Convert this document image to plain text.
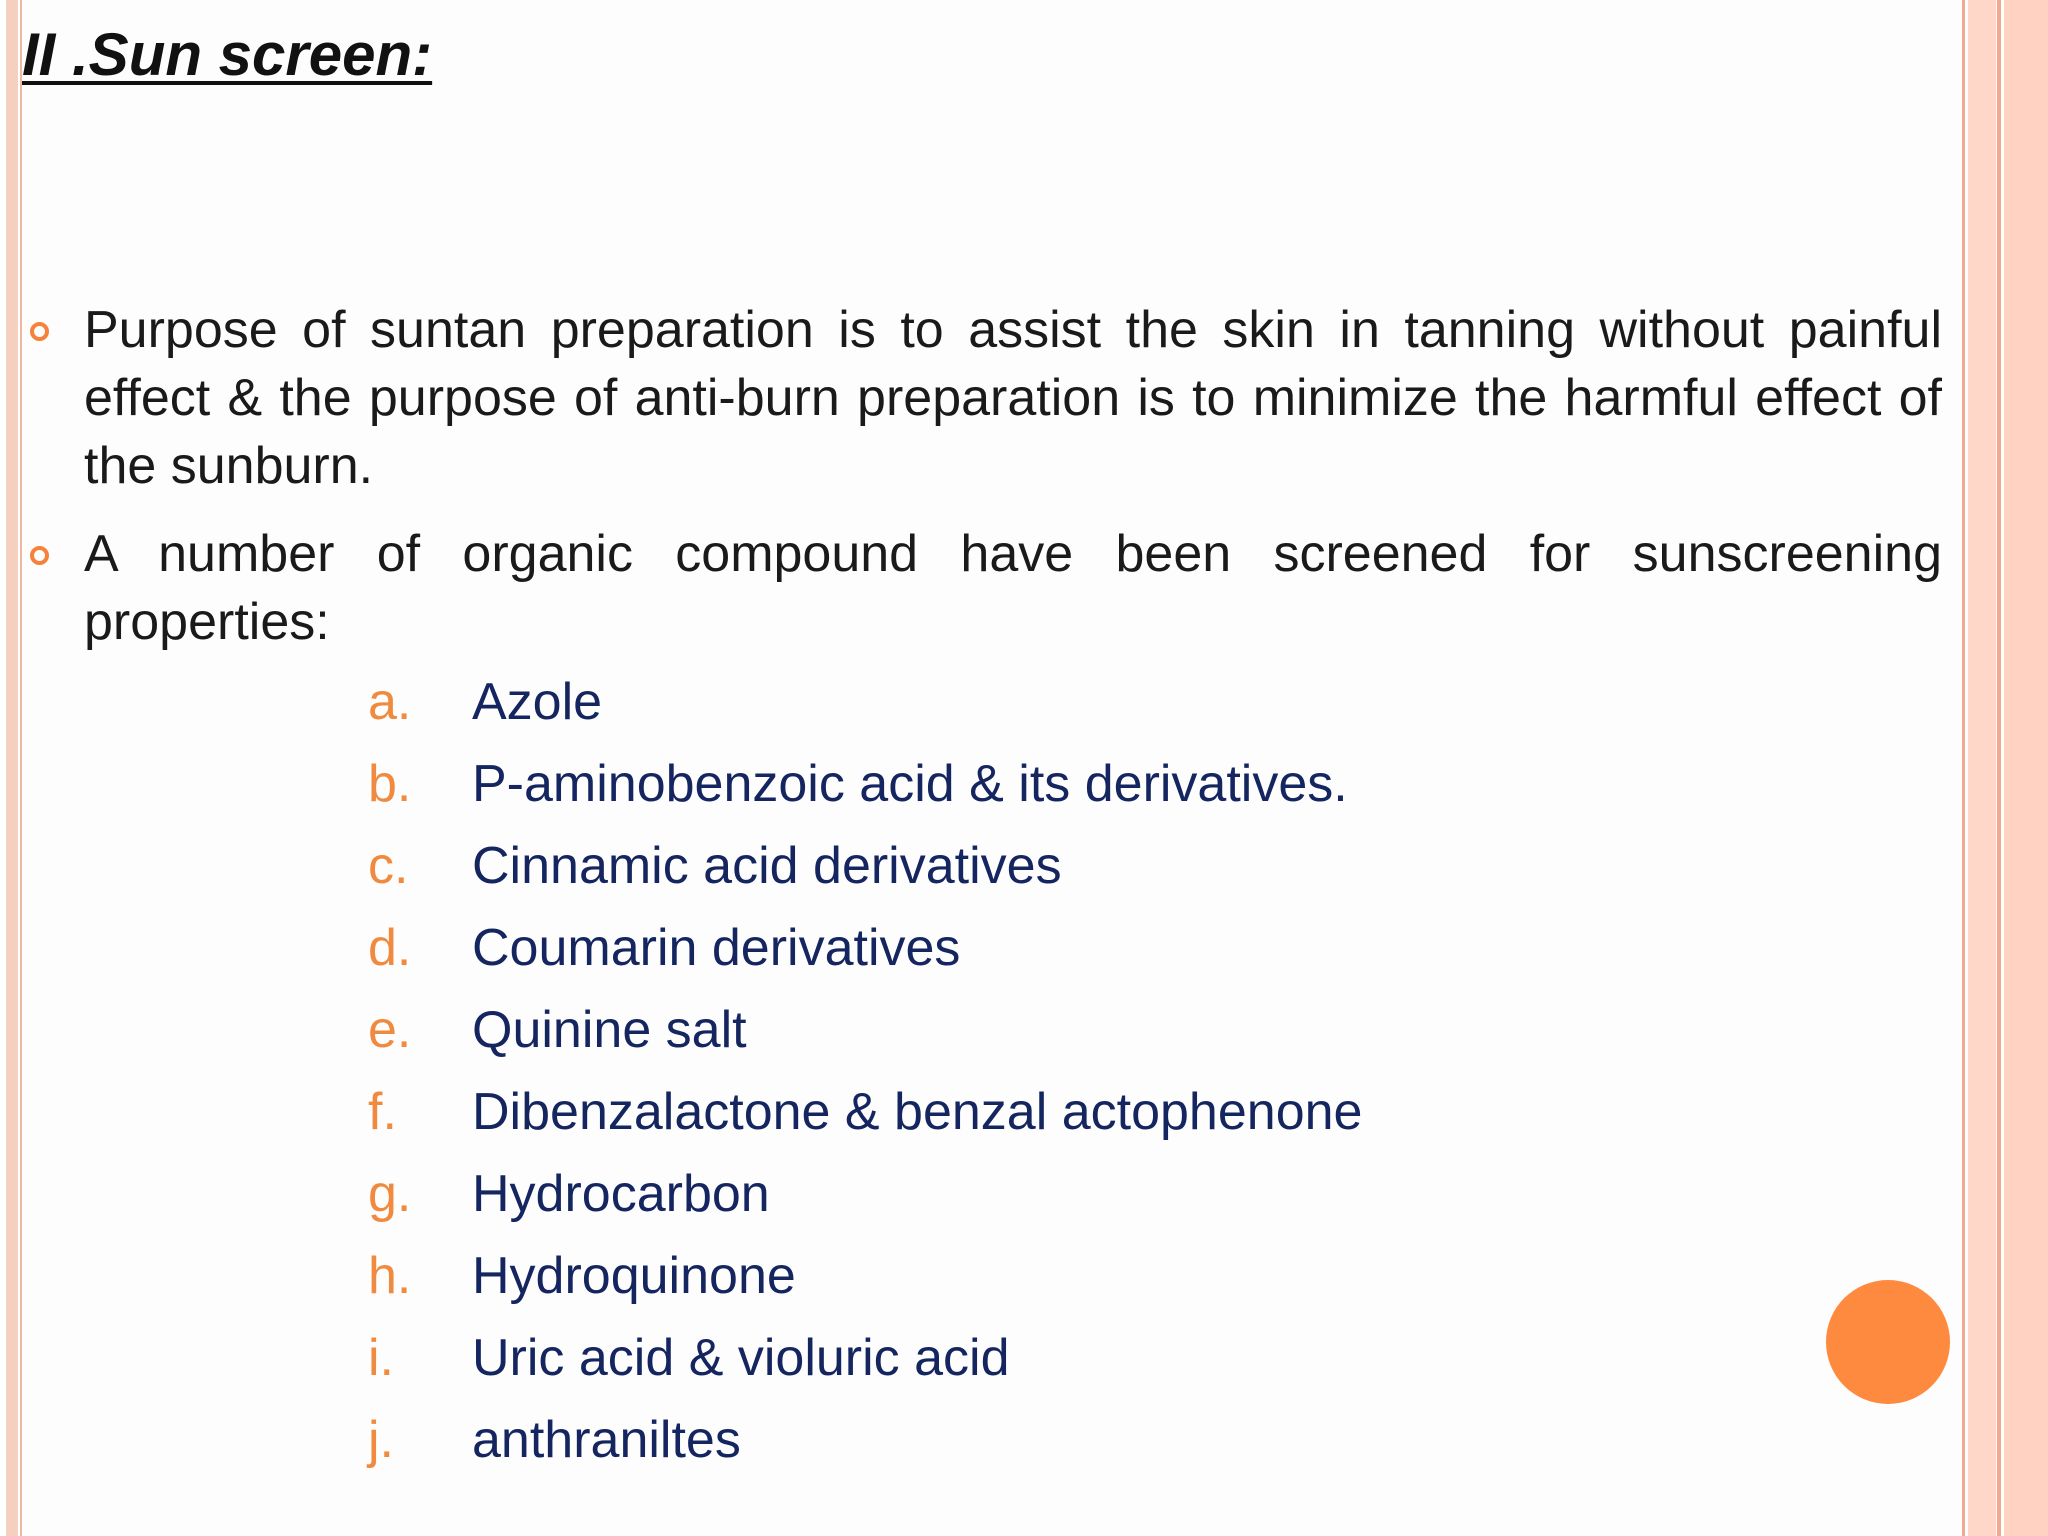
II .Sun screen:
Purpose of suntan preparation is to assist the skin in tanning without painful effect & the purpose of anti-burn preparation is to minimize the harmful effect of the sunburn.
A number of organic compound have been screened for sunscreening properties:
a.	Azole
b.	P-aminobenzoic acid & its derivatives.
c.	Cinnamic acid derivatives
d.	Coumarin derivatives
e.	Quinine salt
f.	Dibenzalactone & benzal actophenone
g.	Hydrocarbon
h.	Hydroquinone
i.	Uric acid & violuric acid
j.	anthraniltes
